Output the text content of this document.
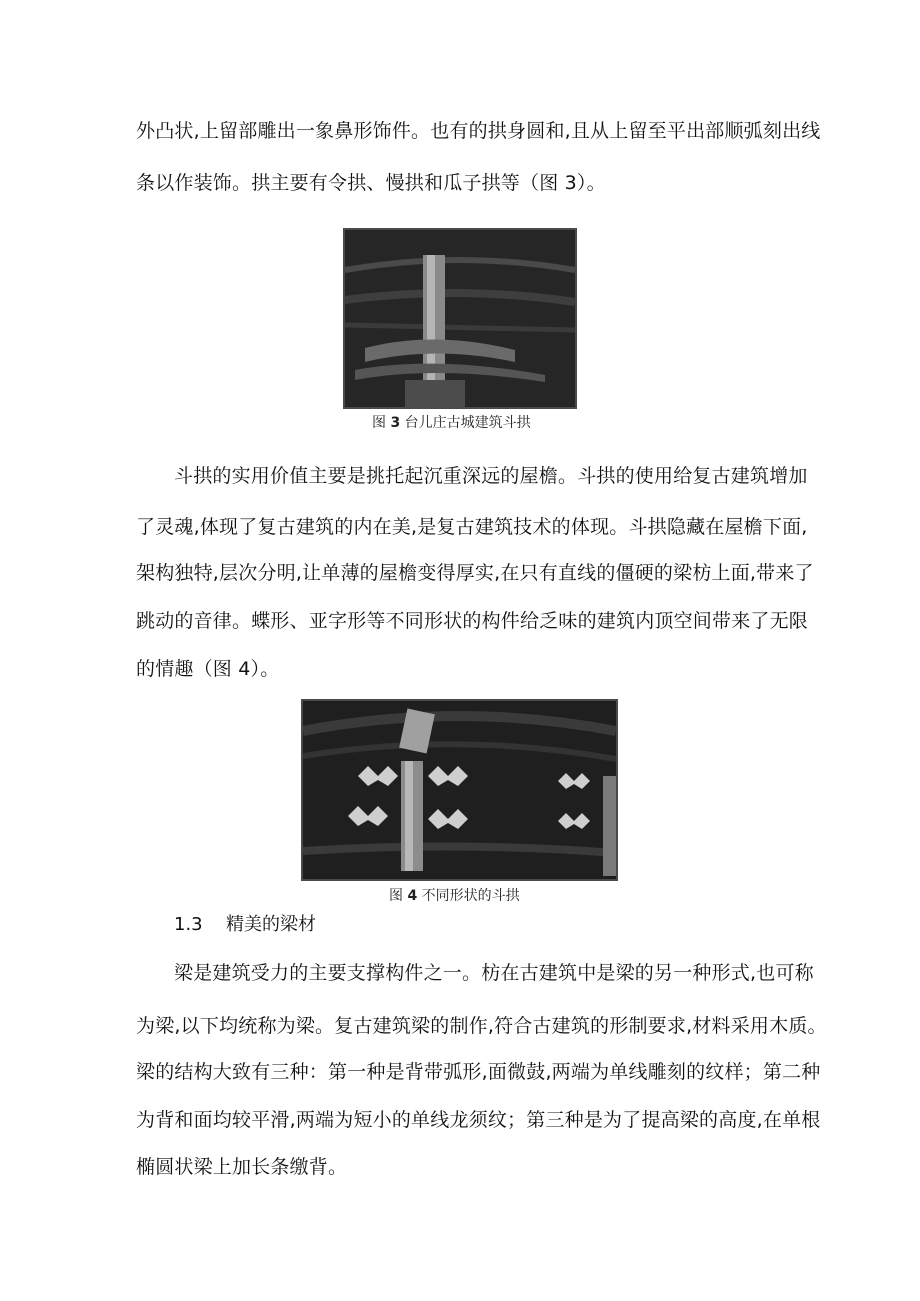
外凸状,上留部雕出一象鼻形饰件。也有的拱身圆和,且从上留至平出部顺弧刻出线
条以作装饰。拱主要有令拱、慢拱和瓜子拱等（图 3）。
图 3 台儿庄古城建筑斗拱
斗拱的实用价值主要是挑托起沉重深远的屋檐。斗拱的使用给复古建筑增加
了灵魂,体现了复古建筑的内在美,是复古建筑技术的体现。斗拱隐藏在屋檐下面,
架构独特,层次分明,让单薄的屋檐变得厚实,在只有直线的僵硬的梁枋上面,带来了
跳动的音律。蝶形、亚字形等不同形状的构件给乏味的建筑内顶空间带来了无限
的情趣（图 4）。
图 4 不同形状的斗拱
1.3 精美的梁材
梁是建筑受力的主要支撑构件之一。枋在古建筑中是梁的另一种形式,也可称
为梁,以下均统称为梁。复古建筑梁的制作,符合古建筑的形制要求,材料采用木质。
梁的结构大致有三种：第一种是背带弧形,面微鼓,两端为单线雕刻的纹样；第二种
为背和面均较平滑,两端为短小的单线龙须纹；第三种是为了提高梁的高度,在单根
椭圆状梁上加长条缴背。
